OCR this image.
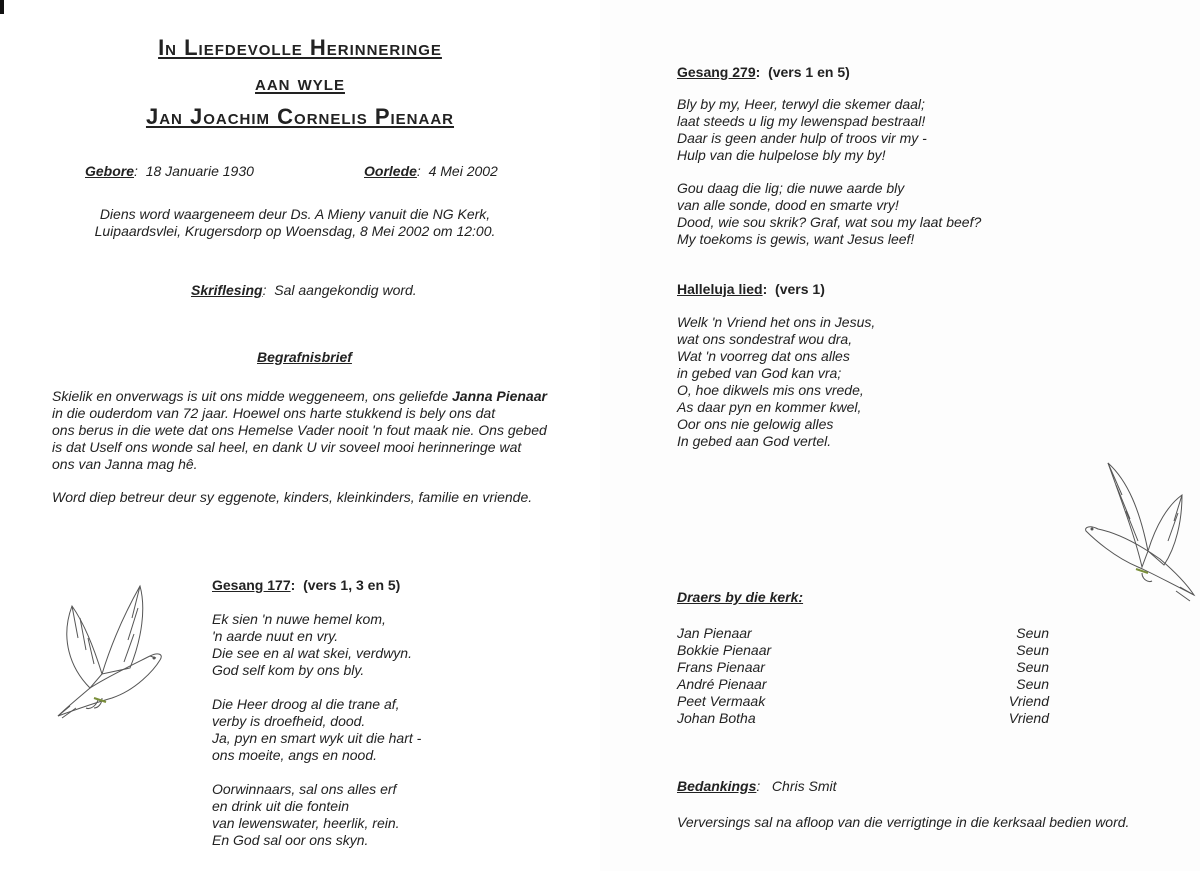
In Liefdevolle Herinneringe
aan wyle
Jan Joachim Cornelis Pienaar
Gebore:  18 Januarie 1930	Oorlede:  4 Mei 2002
Diens word waargeneem deur Ds. A Mieny vanuit die NG Kerk,
Luipaardsvlei, Krugersdorp op Woensdag, 8 Mei 2002 om 12:00.
Skriflesing:  Sal aangekondig word.
Begrafnisbrief
Skielik en onverwags is uit ons midde weggeneem, ons geliefde Janna Pienaar
in die ouderdom van 72 jaar. Hoewel ons harte stukkend is bely ons dat
ons berus in die wete dat ons Hemelse Vader nooit 'n fout maak nie. Ons gebed
is dat Uself ons wonde sal heel, en dank U vir soveel mooi herinneringe wat
ons van Janna mag hê.
Word diep betreur deur sy eggenote, kinders, kleinkinders, familie en vriende.
Gesang 177:  (vers 1, 3 en 5)
Ek sien 'n nuwe hemel kom,
'n aarde nuut en vry.
Die see en al wat skei, verdwyn.
God self kom by ons bly.
Die Heer droog al die trane af,
verby is droefheid, dood.
Ja, pyn en smart wyk uit die hart -
ons moeite, angs en nood.
Oorwinnaars, sal ons alles erf
en drink uit die fontein
van lewenswater, heerlik, rein.
En God sal oor ons skyn.
Gesang 279:  (vers 1 en 5)
Bly by my, Heer, terwyl die skemer daal;
laat steeds u lig my lewenspad bestraal!
Daar is geen ander hulp of troos vir my -
Hulp van die hulpelose bly my by!
Gou daag die lig; die nuwe aarde bly
van alle sonde, dood en smarte vry!
Dood, wie sou skrik? Graf, wat sou my laat beef?
My toekoms is gewis, want Jesus leef!
Halleluja lied:  (vers 1)
Welk 'n Vriend het ons in Jesus,
wat ons sondestraf wou dra,
Wat 'n voorreg dat ons alles
in gebed van God kan vra;
O, hoe dikwels mis ons vrede,
As daar pyn en kommer kwel,
Oor ons nie gelowig alles
In gebed aan God vertel.
Draers by die kerk:
Jan Pienaar	Seun
Bokkie Pienaar	Seun
Frans Pienaar	Seun
André Pienaar	Seun
Peet Vermaak	Vriend
Johan Botha	Vriend
Bedankings:   Chris Smit
Verversings sal na afloop van die verrigtinge in die kerksaal bedien word.
